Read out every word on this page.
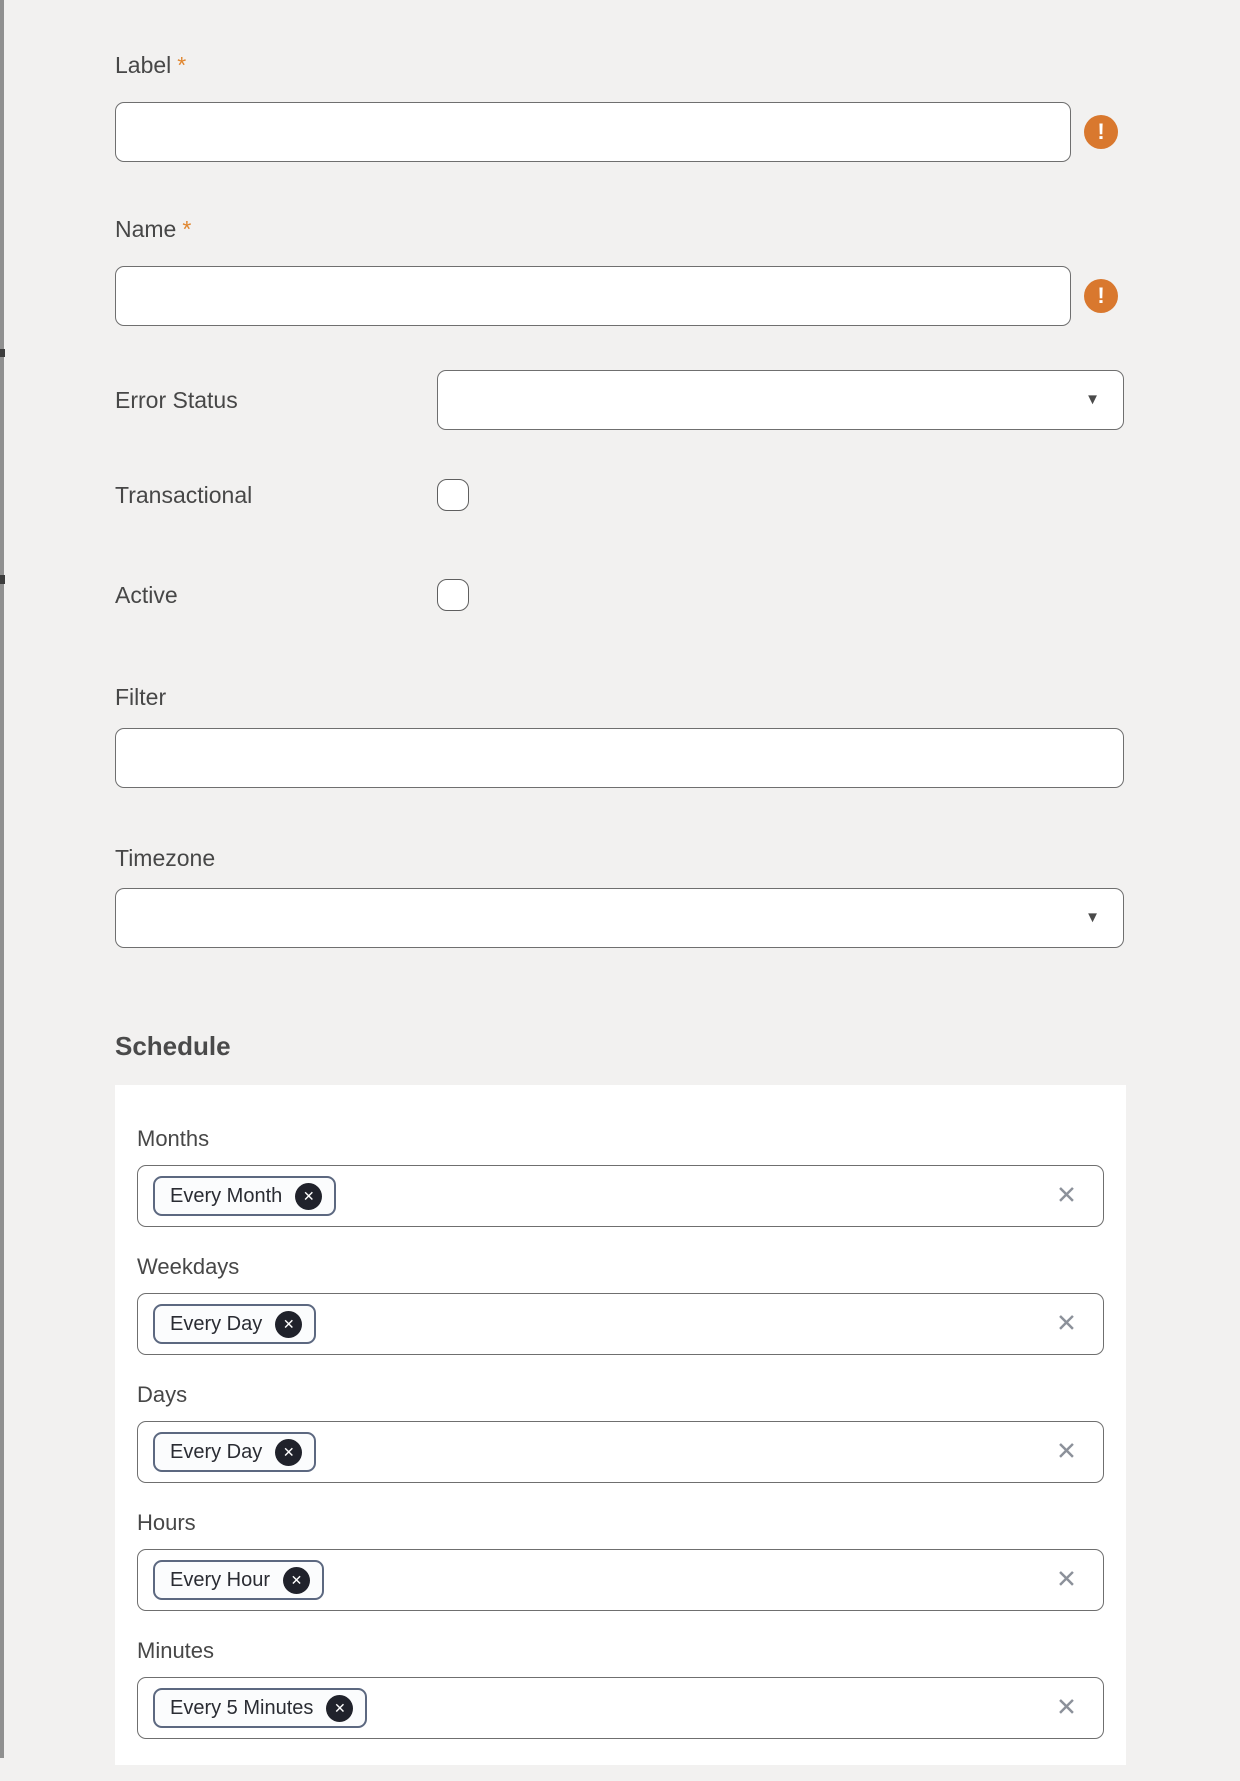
Label *
!
Name *
!
Error Status	▼
Transactional
Active
Filter
Timezone
▼
Schedule
Months
Every Month ✕	✕
Weekdays
Every Day ✕	✕
Days
Every Day ✕	✕
Hours
Every Hour ✕	✕
Minutes
Every 5 Minutes ✕	✕
